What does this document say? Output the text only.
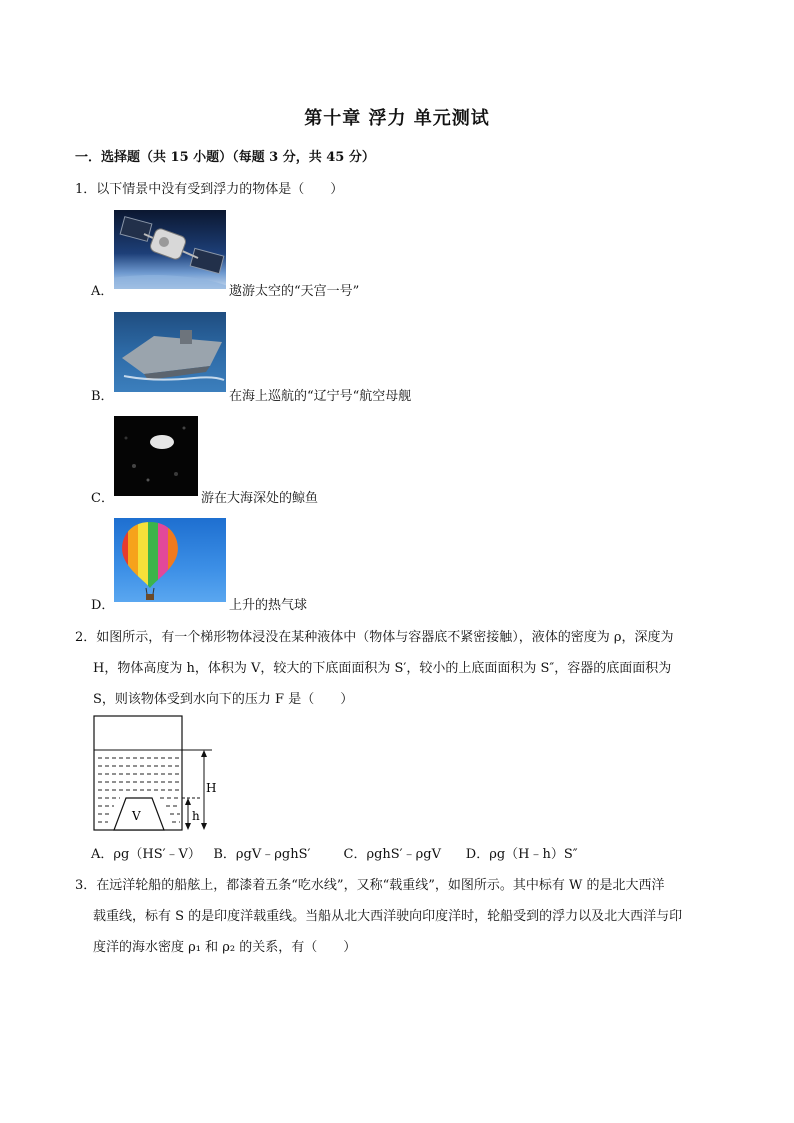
第十章 浮力 单元测试
一．选择题（共 15 小题）（每题 3 分，共 45 分）
1．以下情景中没有受到浮力的物体是（　　）
A．	遨游太空的“天宫一号”
B．	在海上巡航的“辽宁号“航空母舰
C．	游在大海深处的鲸鱼
D．	上升的热气球
2．如图所示，有一个梯形物体浸没在某种液体中（物体与容器底不紧密接触），液体的密度为 ρ，深度为
H，物体高度为 h，体积为 V，较大的下底面面积为 S′，较小的上底面面积为 S″，容器的底面面积为
S，则该物体受到水向下的压力 F 是（　　）
V
H
h
A．ρg（HS′﹣V）   B．ρgV﹣ρghS′        C．ρghS′﹣ρgV      D．ρg（H﹣h）S″
3．在远洋轮船的船舷上，都漆着五条“吃水线”，又称“载重线”，如图所示。其中标有 W 的是北大西洋
载重线，标有 S 的是印度洋载重线。当船从北大西洋驶向印度洋时，轮船受到的浮力以及北大西洋与印
度洋的海水密度 ρ₁ 和 ρ₂ 的关系，有（　　）
